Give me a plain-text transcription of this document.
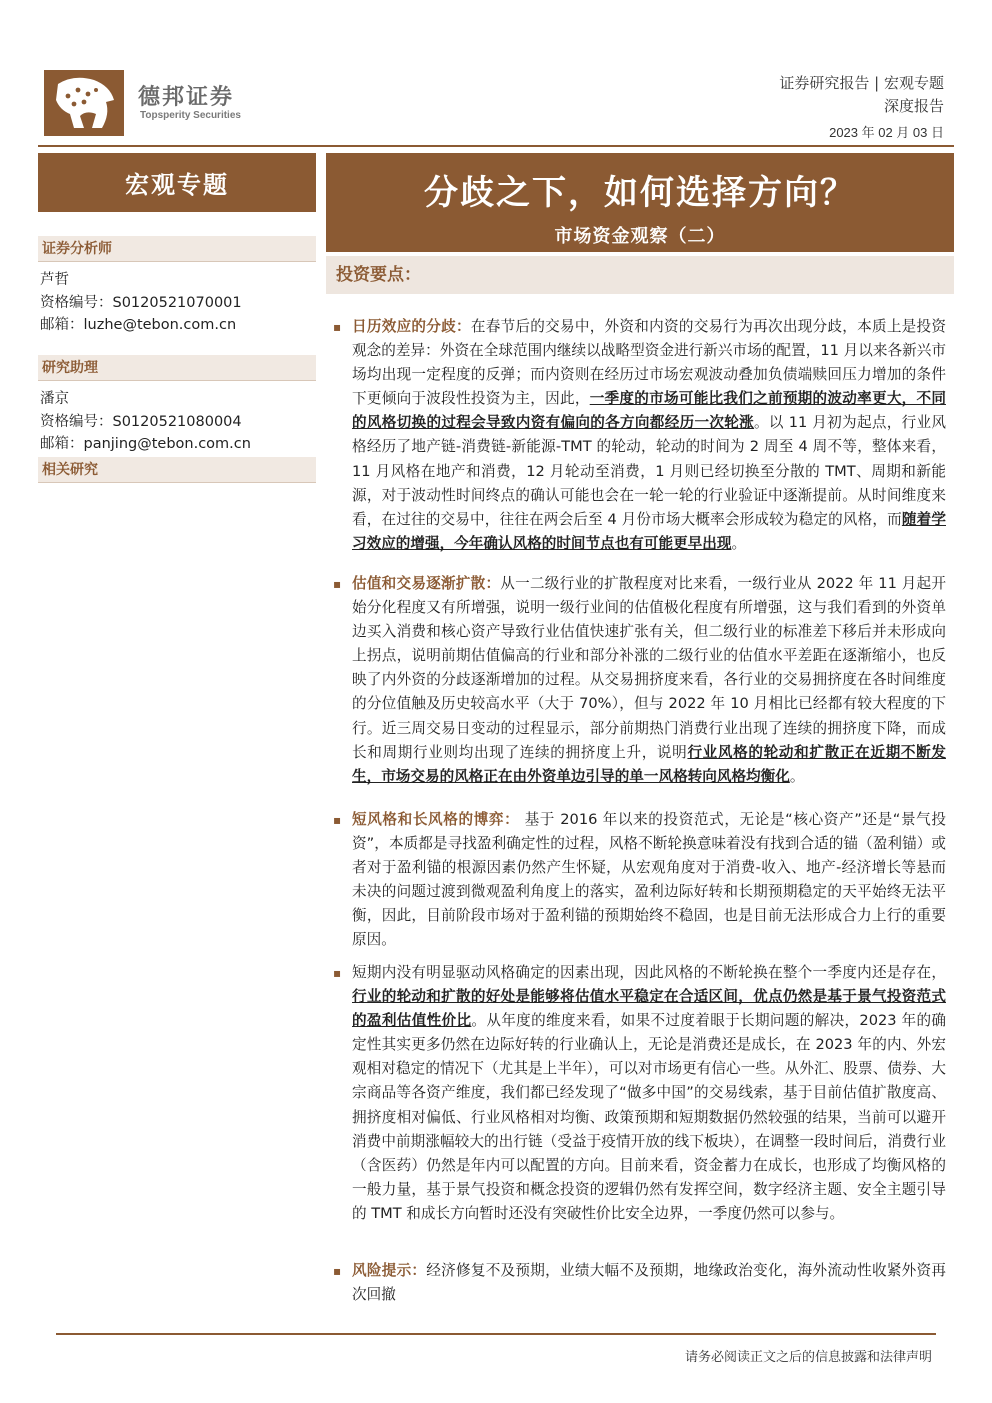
德邦证券
Topsperity Securities
证券研究报告 | 宏观专题
深度报告
2023 年 02 月 03 日
宏观专题
证券分析师
芦哲
资格编号：S0120521070001
邮箱：luzhe@tebon.com.cn
研究助理
潘京
资格编号：S0120521080004
邮箱：panjing@tebon.com.cn
相关研究
分歧之下，如何选择方向？
市场资金观察（二）
投资要点：
▪ 日历效应的分歧：在春节后的交易中，外资和内资的交易行为再次出现分歧，本质上是投资观念的差异：外资在全球范围内继续以战略型资金进行新兴市场的配置，11 月以来各新兴市场均出现一定程度的反弹；而内资则在经历过市场宏观波动叠加负债端赎回压力增加的条件下更倾向于波段性投资为主，因此，一季度的市场可能比我们之前预期的波动率更大，不同的风格切换的过程会导致内资有偏向的各方向都经历一次轮涨。以 11 月初为起点，行业风格经历了地产链-消费链-新能源-TMT 的轮动，轮动的时间为 2 周至 4 周不等，整体来看，11 月风格在地产和消费，12 月轮动至消费，1 月则已经切换至分散的 TMT、周期和新能源，对于波动性时间终点的确认可能也会在一轮一轮的行业验证中逐渐提前。从时间维度来看，在过往的交易中，往往在两会后至 4 月份市场大概率会形成较为稳定的风格，而随着学习效应的增强，今年确认风格的时间节点也有可能更早出现。
▪ 估值和交易逐渐扩散：从一二级行业的扩散程度对比来看，一级行业从 2022 年 11 月起开始分化程度又有所增强，说明一级行业间的估值极化程度有所增强，这与我们看到的外资单边买入消费和核心资产导致行业估值快速扩张有关，但二级行业的标准差下移后并未形成向上拐点，说明前期估值偏高的行业和部分补涨的二级行业的估值水平差距在逐渐缩小，也反映了内外资的分歧逐渐增加的过程。从交易拥挤度来看，各行业的交易拥挤度在各时间维度的分位值触及历史较高水平（大于 70%），但与 2022 年 10 月相比已经都有较大程度的下行。近三周交易日变动的过程显示，部分前期热门消费行业出现了连续的拥挤度下降，而成长和周期行业则均出现了连续的拥挤度上升，说明行业风格的轮动和扩散正在近期不断发生，市场交易的风格正在由外资单边引导的单一风格转向风格均衡化。
▪ 短风格和长风格的博弈： 基于 2016 年以来的投资范式，无论是“核心资产”还是“景气投资”，本质都是寻找盈利确定性的过程，风格不断轮换意味着没有找到合适的锚（盈利锚）或者对于盈利锚的根源因素仍然产生怀疑，从宏观角度对于消费-收入、地产-经济增长等悬而未决的问题过渡到微观盈利角度上的落实，盈利边际好转和长期预期稳定的天平始终无法平衡，因此，目前阶段市场对于盈利锚的预期始终不稳固，也是目前无法形成合力上行的重要原因。
▪ 短期内没有明显驱动风格确定的因素出现，因此风格的不断轮换在整个一季度内还是存在，行业的轮动和扩散的好处是能够将估值水平稳定在合适区间，优点仍然是基于景气投资范式的盈利估值性价比。从年度的维度来看，如果不过度着眼于长期问题的解决，2023 年的确定性其实更多仍然在边际好转的行业确认上，无论是消费还是成长，在 2023 年的内、外宏观相对稳定的情况下（尤其是上半年），可以对市场更有信心一些。从外汇、股票、债券、大宗商品等各资产维度，我们都已经发现了“做多中国”的交易线索，基于目前估值扩散度高、拥挤度相对偏低、行业风格相对均衡、政策预期和短期数据仍然较强的结果，当前可以避开消费中前期涨幅较大的出行链（受益于疫情开放的线下板块），在调整一段时间后，消费行业（含医药）仍然是年内可以配置的方向。目前来看，资金蓄力在成长，也形成了均衡风格的一般力量，基于景气投资和概念投资的逻辑仍然有发挥空间，数字经济主题、安全主题引导的 TMT 和成长方向暂时还没有突破性价比安全边界，一季度仍然可以参与。
▪ 风险提示：经济修复不及预期，业绩大幅不及预期，地缘政治变化，海外流动性收紧外资再次回撤
请务必阅读正文之后的信息披露和法律声明
